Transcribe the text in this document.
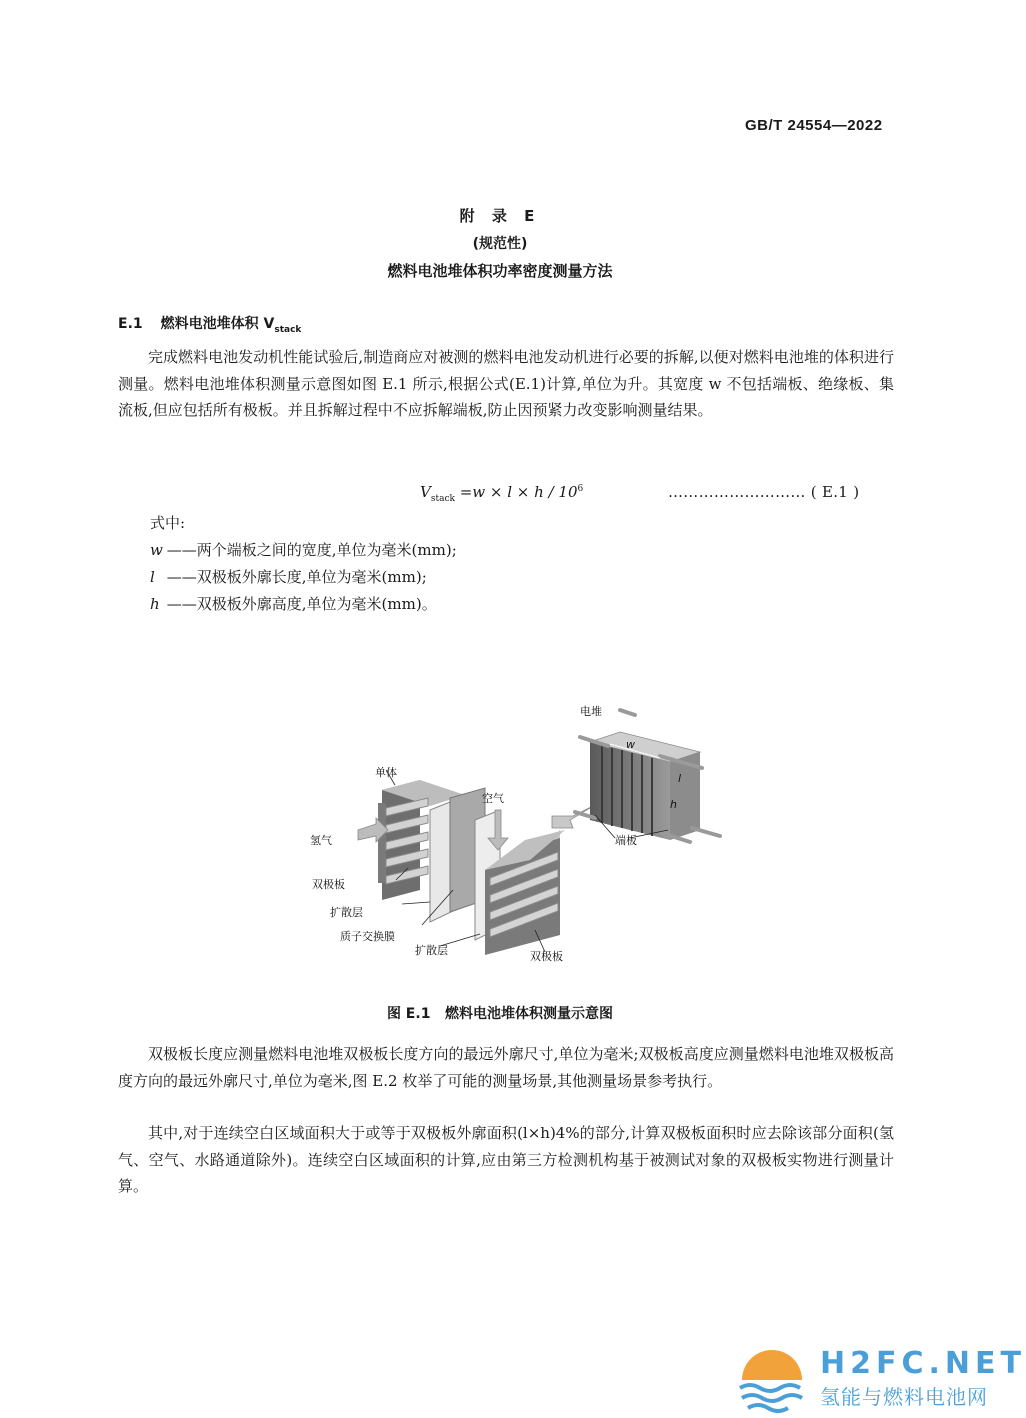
GB/T 24554—2022
附 录 E
(规范性)
燃料电池堆体积功率密度测量方法
E.1 燃料电池堆体积 $V_{stack}$

完成燃料电池发动机性能试验后,制造商应对被测的燃料电池发动机进行必要的拆解,以便对燃料电池堆的体积进行测量。燃料电池堆体积测量示意图如图 E.1 所示,根据公式(E.1)计算,单位为升。其宽度 w 不包括端板、绝缘板、集流板,但应包括所有极板。并且拆解过程中不应拆解端板,防止因预紧力改变影响测量结果。

$V_{stack} =w \times l \times h / 10^6$	……………………… ( E.1 )
式中:
w ——两个端板之间的宽度,单位为毫米(mm);
l ——双极板外廓长度,单位为毫米(mm);
h ——双极板外廓高度,单位为毫米(mm)。
电堆
单体
空气
氢气
双极板
扩散层
质子交换膜
扩散层	双极板
端板
w
l
h
图 E.1   燃料电池堆体积测量示意图

双极板长度应测量燃料电池堆双极板长度方向的最远外廓尺寸,单位为毫米;双极板高度应测量燃料电池堆双极板高度方向的最远外廓尺寸,单位为毫米,图 E.2 枚举了可能的测量场景,其他测量场景参考执行。

其中,对于连续空白区域面积大于或等于双极板外廓面积(l×h)4%的部分,计算双极板面积时应去除该部分面积(氢气、空气、水路通道除外)。连续空白区域面积的计算,应由第三方检测机构基于被测试对象的双极板实物进行测量计算。

H2FC.NET
氢能与燃料电池网
